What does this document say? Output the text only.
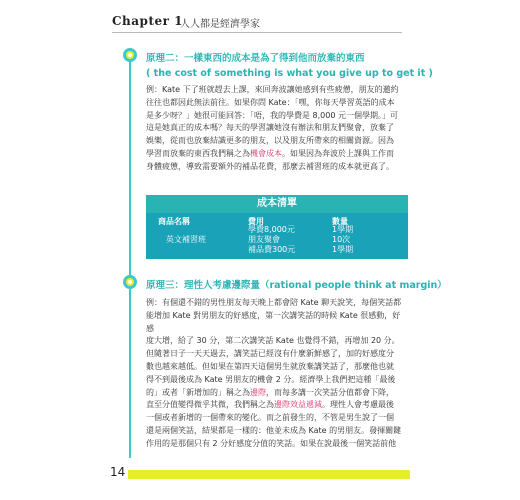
Chapter 1
人人都是經濟學家
原理二：一樣東西的成本是為了得到他而放棄的東西
( the cost of something is what you give up to get it )
例：Kate 下了班就趕去上課，來回奔波讓她感到有些疲憊，朋友的邀約
往往也都因此無法前往。如果你問 Kate：「嘿，你每天學習英語的成本
是多少呀？」她很可能回答：「唔，我的學費是 8,000 元一個學期。」可
這是她真正的成本嗎？每天的學習讓她沒有辦法和朋友們聚會，放棄了
娛樂，從而也放棄結識更多的朋友，以及朋友所帶來的相關資源。因為
學習而放棄的東西我們稱之為機會成本。如果因為奔波於上課與工作而
身體疲憊，導致需要額外的補品花費，那麼去補習班的成本就更高了。
成本清單
商品名稱	費用	數量
英文補習班
學費8,000元
朋友聚會
補品費300元
1學期
10次
1學期
原理三：理性人考慮邊際量（rational people think at margin）
例：有個還不錯的男性朋友每天晚上都會陪 Kate 聊天說笑，每個笑話都
能增加 Kate 對男朋友的好感度，第一次講笑話的時候 Kate 很感動，好感
度大增，給了 30 分，第二次講笑話 Kate 也覺得不錯，再增加 20 分。
但隨著日子一天天過去，講笑話已經沒有什麼新鮮感了，加的好感度分
數也越來越低。但如果在第四天這個男生就放棄講笑話了，那麼他也就
得不到最後成為 Kate 男朋友的機會 2 分。經濟學上我們把這種「最後
的」或者「新增加的」稱之為邊際，而每多講一次笑話分值都會下降，
直至分值變得微乎其微，我們稱之為邊際效益遞減。理性人會考慮最後
一個或者新增的一個帶來的變化。而之前發生的，不管是男生說了一個
還是兩個笑話，結果都是一樣的：他並未成為 Kate 的男朋友。發揮關鍵
作用的是那個只有 2 分好感度分值的笑話。如果在說最後一個笑話前他
14
